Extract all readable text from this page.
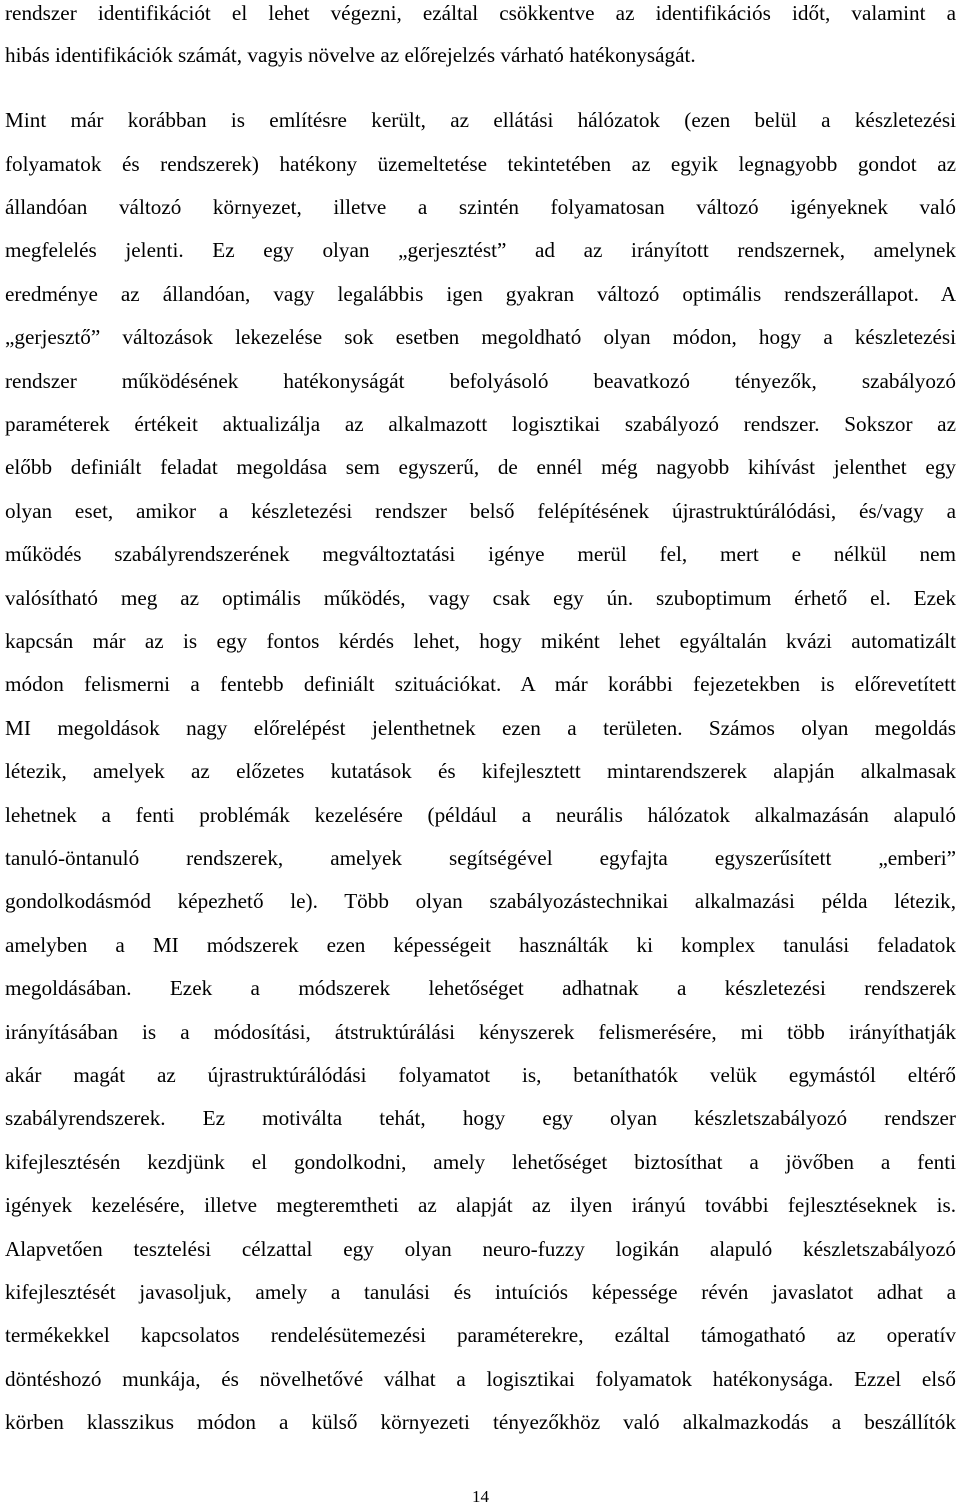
rendszer identifikációt el lehet végezni, ezáltal csökkentve az identifikációs időt, valamint a
hibás identifikációk számát, vagyis növelve az előrejelzés várható hatékonyságát.
Mint már korábban is említésre került, az ellátási hálózatok (ezen belül a készletezési
folyamatok és rendszerek) hatékony üzemeltetése tekintetében az egyik legnagyobb gondot az
állandóan változó környezet, illetve a szintén folyamatosan változó igényeknek való
megfelelés jelenti. Ez egy olyan „gerjesztést” ad az irányított rendszernek, amelynek
eredménye az állandóan, vagy legalábbis igen gyakran változó optimális rendszerállapot. A
„gerjesztő” változások lekezelése sok esetben megoldható olyan módon, hogy a készletezési
rendszer működésének hatékonyságát befolyásoló beavatkozó tényezők, szabályozó
paraméterek értékeit aktualizálja az alkalmazott logisztikai szabályozó rendszer. Sokszor az
előbb definiált feladat megoldása sem egyszerű, de ennél még nagyobb kihívást jelenthet egy
olyan eset, amikor a készletezési rendszer belső felépítésének újrastruktúrálódási, és/vagy a
működés szabályrendszerének megváltoztatási igénye merül fel, mert e nélkül nem
valósítható meg az optimális működés, vagy csak egy ún. szuboptimum érhető el. Ezek
kapcsán már az is egy fontos kérdés lehet, hogy miként lehet egyáltalán kvázi automatizált
módon felismerni a fentebb definiált szituációkat. A már korábbi fejezetekben is előrevetített
MI megoldások nagy előrelépést jelenthetnek ezen a területen. Számos olyan megoldás
létezik, amelyek az előzetes kutatások és kifejlesztett mintarendszerek alapján alkalmasak
lehetnek a fenti problémák kezelésére (például a neurális hálózatok alkalmazásán alapuló
tanuló-öntanuló rendszerek, amelyek segítségével egyfajta egyszerűsített „emberi”
gondolkodásmód képezhető le). Több olyan szabályozástechnikai alkalmazási példa létezik,
amelyben a MI módszerek ezen képességeit használták ki komplex tanulási feladatok
megoldásában. Ezek a módszerek lehetőséget adhatnak a készletezési rendszerek
irányításában is a módosítási, átstruktúrálási kényszerek felismerésére, mi több irányíthatják
akár magát az újrastruktúrálódási folyamatot is, betaníthatók velük egymástól eltérő
szabályrendszerek. Ez motiválta tehát, hogy egy olyan készletszabályozó rendszer
kifejlesztésén kezdjünk el gondolkodni, amely lehetőséget biztosíthat a jövőben a fenti
igények kezelésére, illetve megteremtheti az alapját az ilyen irányú további fejlesztéseknek is.
Alapvetően tesztelési célzattal egy olyan neuro-fuzzy logikán alapuló készletszabályozó
kifejlesztését javasoljuk, amely a tanulási és intuíciós képessége révén javaslatot adhat a
termékekkel kapcsolatos rendelésütemezési paraméterekre, ezáltal támogatható az operatív
döntéshozó munkája, és növelhetővé válhat a logisztikai folyamatok hatékonysága. Ezzel első
körben klasszikus módon a külső környezeti tényezőkhöz való alkalmazkodás a beszállítók
14
